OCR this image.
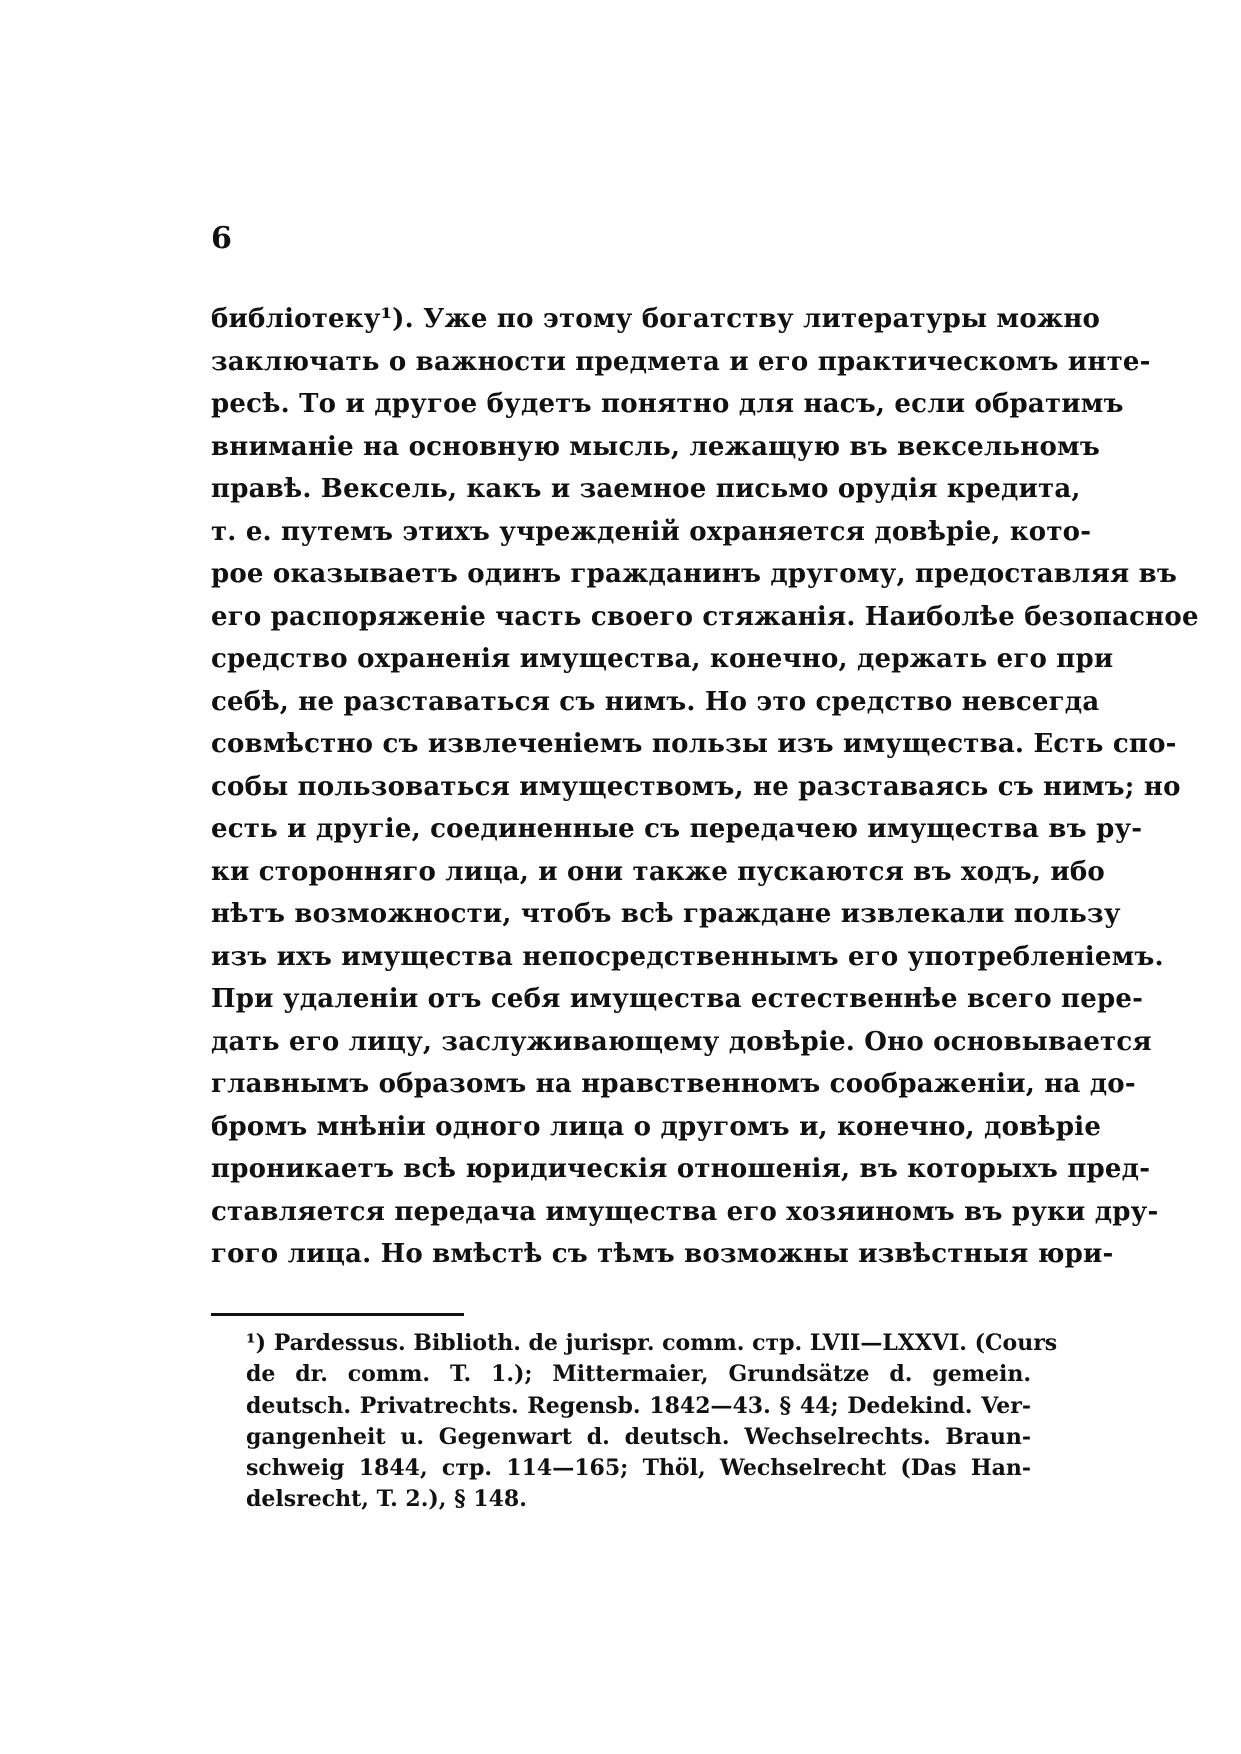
6
библіотеку¹). Уже по этому богатству литературы можно
заключать о важности предмета и его практическомъ инте-
ресѣ. То и другое будетъ понятно для насъ, если обратимъ
вниманіе на основную мысль, лежащую въ вексельномъ
правѣ. Вексель, какъ и заемное письмо орудія кредита,
т. е. путемъ этихъ учрежденій охраняется довѣріе, кото-
рое оказываетъ одинъ гражданинъ другому, предоставляя въ
его распоряженіе часть своего стяжанія. Наиболѣе безопасное
средство охраненія имущества, конечно, держать его при
себѣ, не разставаться съ нимъ. Но это средство невсегда
совмѣстно съ извлеченіемъ пользы изъ имущества. Есть спо-
собы пользоваться имуществомъ, не разставаясь съ нимъ; но
есть и другіе, соединенные съ передачею имущества въ ру-
ки сторонняго лица, и они также пускаются въ ходъ, ибо
нѣтъ возможности, чтобъ всѣ граждане извлекали пользу
изъ ихъ имущества непосредственнымъ его употребленіемъ.
При удаленіи отъ себя имущества естественнѣе всего пере-
дать его лицу, заслуживающему довѣріе. Оно основывается
главнымъ образомъ на нравственномъ соображеніи, на до-
бромъ мнѣніи одного лица о другомъ и, конечно, довѣріе
проникаетъ всѣ юридическія отношенія, въ которыхъ пред-
ставляется передача имущества его хозяиномъ въ руки дру-
гого лица. Но вмѣстѣ съ тѣмъ возможны извѣстныя юри-
¹) Pardessus. Biblioth. de jurispr. comm. стр. LVII—LXXVI. (Cours
de dr. comm. T. 1.); Mittermaier, Grundsätze d. gemein.
deutsch. Privatrechts. Regensb. 1842—43. § 44; Dedekind. Ver-
gangenheit u. Gegenwart d. deutsch. Wechselrechts. Braun-
schweig 1844, стр. 114—165; Thöl, Wechselrecht (Das Han-
delsrecht, T. 2.), § 148.
